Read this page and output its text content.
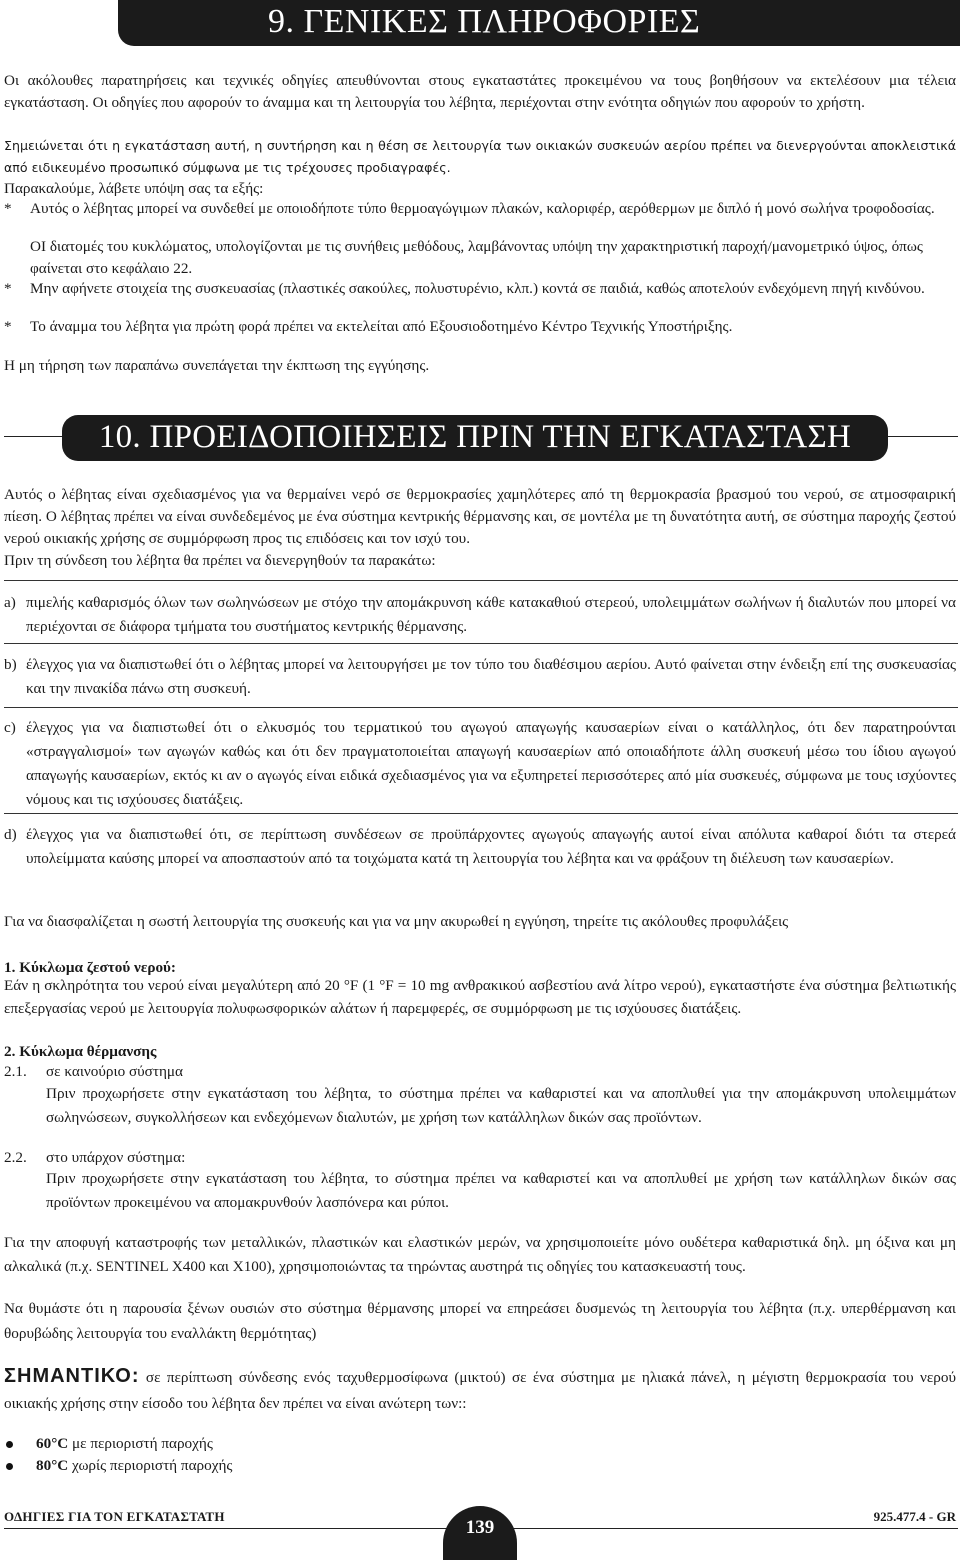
9. ΓΕΝΙΚΕΣ ΠΛΗΡΟΦΟΡΙΕΣ
Οι ακόλουθες παρατηρήσεις και τεχνικές οδηγίες απευθύνονται στους εγκαταστάτες προκειμένου να τους βοηθήσουν να εκτελέσουν μια τέλεια εγκατάσταση. Οι οδηγίες που αφορούν το άναμμα και τη λειτουργία του λέβητα, περιέχονται στην ενότητα οδηγιών που αφορούν το χρήστη.
Σημειώνεται ότι η εγκατάσταση αυτή, η συντήρηση και η θέση σε λειτουργία των οικιακών συσκευών αερίου πρέπει να διενεργούνται αποκλειστικά από ειδικευμένο προσωπικό σύμφωνα με τις τρέχουσες προδιαγραφές.
Παρακαλούμε, λάβετε υπόψη σας τα εξής:
* Αυτός ο λέβητας μπορεί να συνδεθεί με οποιοδήποτε τύπο θερμοαγώγιμων πλακών, καλοριφέρ, αερόθερμων με διπλό ή μονό σωλήνα τροφοδοσίας.
ΟΙ διατομές του κυκλώματος, υπολογίζονται με τις συνήθεις μεθόδους, λαμβάνοντας υπόψη την χαρακτηριστική παροχή/μανομετρικό ύψος, όπως φαίνεται στο κεφάλαιο 22.
* Μην αφήνετε στοιχεία της συσκευασίας (πλαστικές σακούλες, πολυστυρένιο, κλπ.) κοντά σε παιδιά, καθώς αποτελούν ενδεχόμενη πηγή κινδύνου.
* Το άναμμα του λέβητα για πρώτη φορά πρέπει να εκτελείται από Εξουσιοδοτημένο Κέντρο Τεχνικής Υποστήριξης.
Η μη τήρηση των παραπάνω συνεπάγεται την έκπτωση της εγγύησης.
10. ΠΡΟΕΙΔΟΠΟΙΗΣΕΙΣ ΠΡΙΝ ΤΗΝ ΕΓΚΑΤΑΣΤΑΣΗ
Αυτός ο λέβητας είναι σχεδιασμένος για να θερμαίνει νερό σε θερμοκρασίες χαμηλότερες από τη θερμοκρασία βρασμού του νερού, σε ατμοσφαιρική πίεση. Ο λέβητας πρέπει να είναι συνδεδεμένος με ένα σύστημα κεντρικής θέρμανσης και, σε μοντέλα με τη δυνατότητα αυτή, σε σύστημα παροχής ζεστού νερού οικιακής χρήσης σε συμμόρφωση προς τις επιδόσεις και τον ισχύ του.
Πριν τη σύνδεση του λέβητα θα πρέπει να διενεργηθούν τα παρακάτω:
a) πιμελής καθαρισμός όλων των σωληνώσεων με στόχο την απομάκρυνση κάθε κατακαθιού στερεού, υπολειμμάτων σωλήνων ή διαλυτών που μπορεί να περιέχονται σε διάφορα τμήματα του συστήματος κεντρικής θέρμανσης.
b) έλεγχος για να διαπιστωθεί ότι ο λέβητας μπορεί να λειτουργήσει με τον τύπο του διαθέσιμου αερίου. Αυτό φαίνεται στην ένδειξη επί της συσκευασίας και την πινακίδα πάνω στη συσκευή.
c) έλεγχος για να διαπιστωθεί ότι ο ελκυσμός του τερματικού του αγωγού απαγωγής καυσαερίων είναι ο κατάλληλος, ότι δεν παρατηρούνται «στραγγαλισμοί» των αγωγών καθώς και ότι δεν πραγματοποιείται απαγωγή καυσαερίων από οποιαδήποτε άλλη συσκευή μέσω του ίδιου αγωγού απαγωγής καυσαερίων, εκτός κι αν ο αγωγός είναι ειδικά σχεδιασμένος για να εξυπηρετεί περισσότερες από μία συσκευές, σύμφωνα με τους ισχύοντες νόμους και τις ισχύουσες διατάξεις.
d) έλεγχος για να διαπιστωθεί ότι, σε περίπτωση συνδέσεων σε προϋπάρχοντες αγωγούς απαγωγής αυτοί είναι απόλυτα καθαροί διότι τα στερεά υπολείμματα καύσης μπορεί να αποσπαστούν από τα τοιχώματα κατά τη λειτουργία του λέβητα και να φράξουν τη διέλευση των καυσαερίων.
Για να διασφαλίζεται η σωστή λειτουργία της συσκευής και για να μην ακυρωθεί η εγγύηση, τηρείτε τις ακόλουθες προφυλάξεις
1. Κύκλωμα ζεστού νερού:
Εάν η σκληρότητα του νερού είναι μεγαλύτερη από 20 °F (1 °F = 10 mg ανθρακικού ασβεστίου ανά λίτρο νερού), εγκαταστήστε ένα σύστημα βελτιωτικής επεξεργασίας νερού με λειτουργία πολυφωσφορικών αλάτων ή παρεμφερές, σε συμμόρφωση με τις ισχύουσες διατάξεις.
2. Κύκλωμα θέρμανσης
2.1. σε καινούριο σύστημα
Πριν προχωρήσετε στην εγκατάσταση του λέβητα, το σύστημα πρέπει να καθαριστεί και να αποπλυθεί για την απομάκρυνση υπολειμμάτων σωληνώσεων, συγκολλήσεων και ενδεχόμενων διαλυτών, με χρήση των κατάλληλων δικών σας προϊόντων.
2.2. στο υπάρχον σύστημα:
Πριν προχωρήσετε στην εγκατάσταση του λέβητα, το σύστημα πρέπει να καθαριστεί και να αποπλυθεί με χρήση των κατάλληλων δικών σας προϊόντων προκειμένου να απομακρυνθούν λασπόνερα και ρύποι.
Για την αποφυγή καταστροφής των μεταλλικών, πλαστικών και ελαστικών μερών, να χρησιμοποιείτε μόνο ουδέτερα καθαριστικά δηλ. μη όξινα και μη αλκαλικά (π.χ. SENTINEL X400 και X100), χρησιμοποιώντας τα τηρώντας αυστηρά τις οδηγίες του κατασκευαστή τους.
Να θυμάστε ότι η παρουσία ξένων ουσιών στο σύστημα θέρμανσης μπορεί να επηρεάσει δυσμενώς τη λειτουργία του λέβητα (π.χ. υπερθέρμανση και θορυβώδης λειτουργία του εναλλάκτη θερμότητας)
ΣΗΜΑΝΤΙΚΟ: σε περίπτωση σύνδεσης ενός ταχυθερμοσίφωνα (μικτού) σε ένα σύστημα με ηλιακά πάνελ, η μέγιστη θερμοκρασία του νερού οικιακής χρήσης στην είσοδο του λέβητα δεν πρέπει να είναι ανώτερη των::
60°C με περιοριστή παροχής
80°C χωρίς περιοριστή παροχής
ΟΔΗΓΙΕΣ ΓΙΑ ΤΟΝ ΕΓΚΑΤΑΣΤΑΤΗ	925.477.4 - GR
139
